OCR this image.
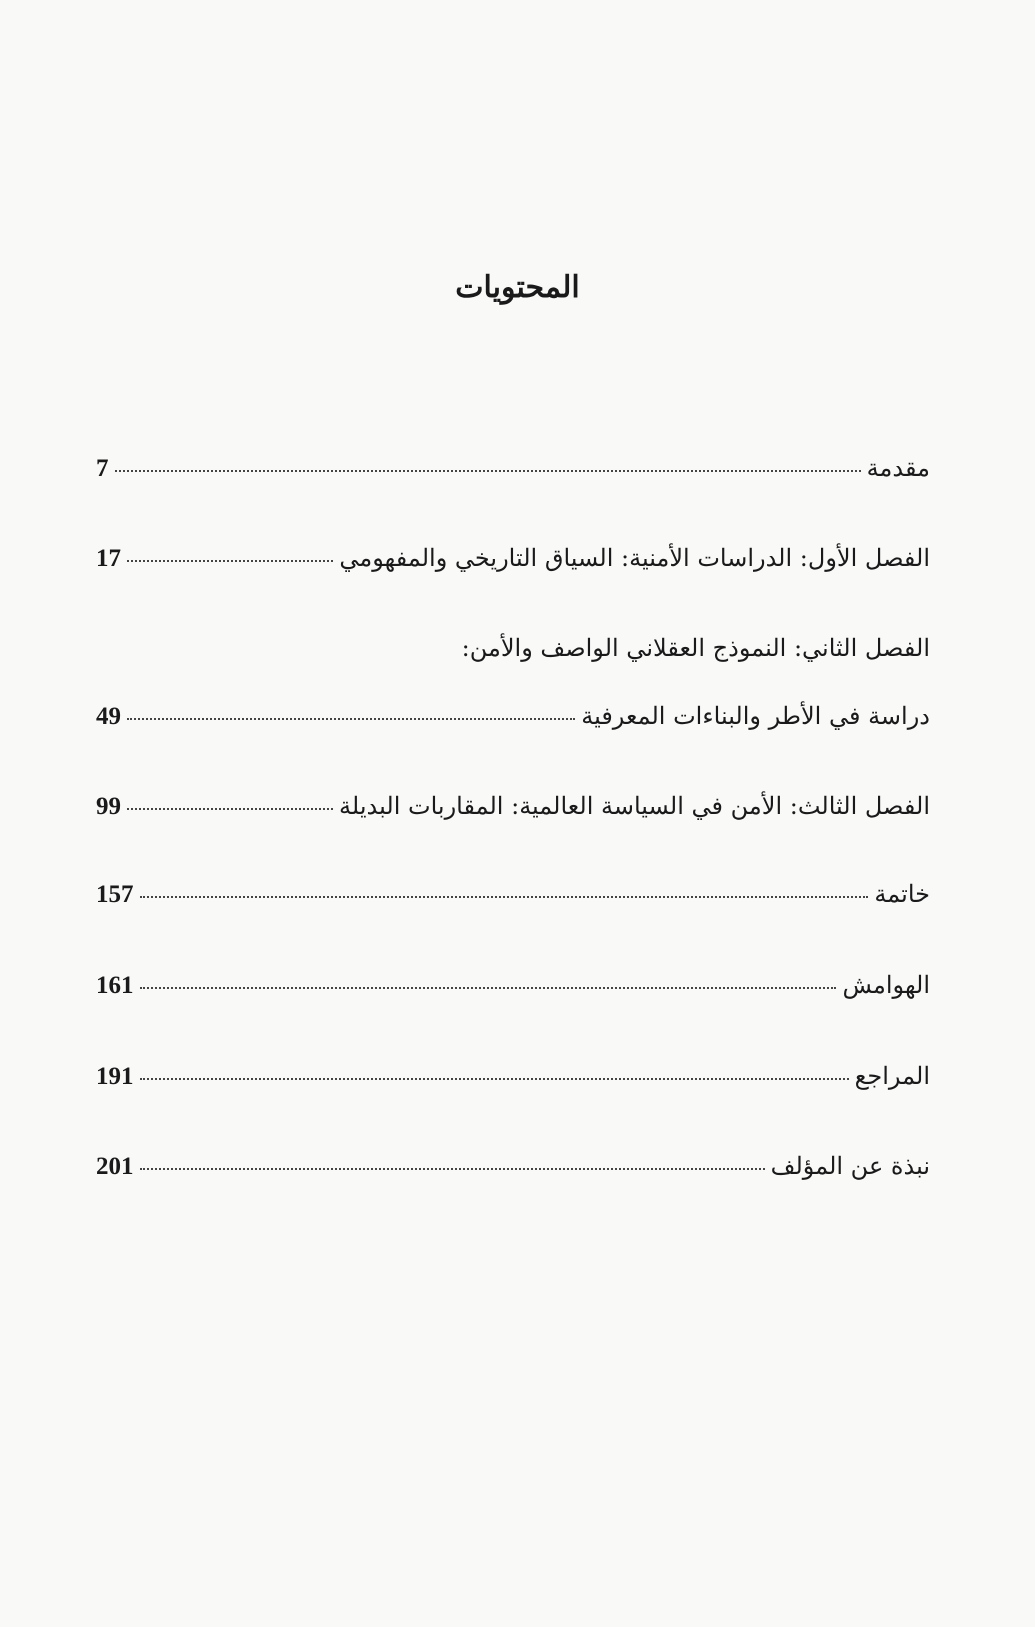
المحتويات
مقدمة
7
الفصل الأول: الدراسات الأمنية: السياق التاريخي والمفهومي
17
الفصل الثاني: النموذج العقلاني الواصف والأمن:
دراسة في الأطر والبناءات المعرفية
49
الفصل الثالث: الأمن في السياسة العالمية: المقاربات البديلة
99
خاتمة
157
الهوامش
161
المراجع
191
نبذة عن المؤلف
201
